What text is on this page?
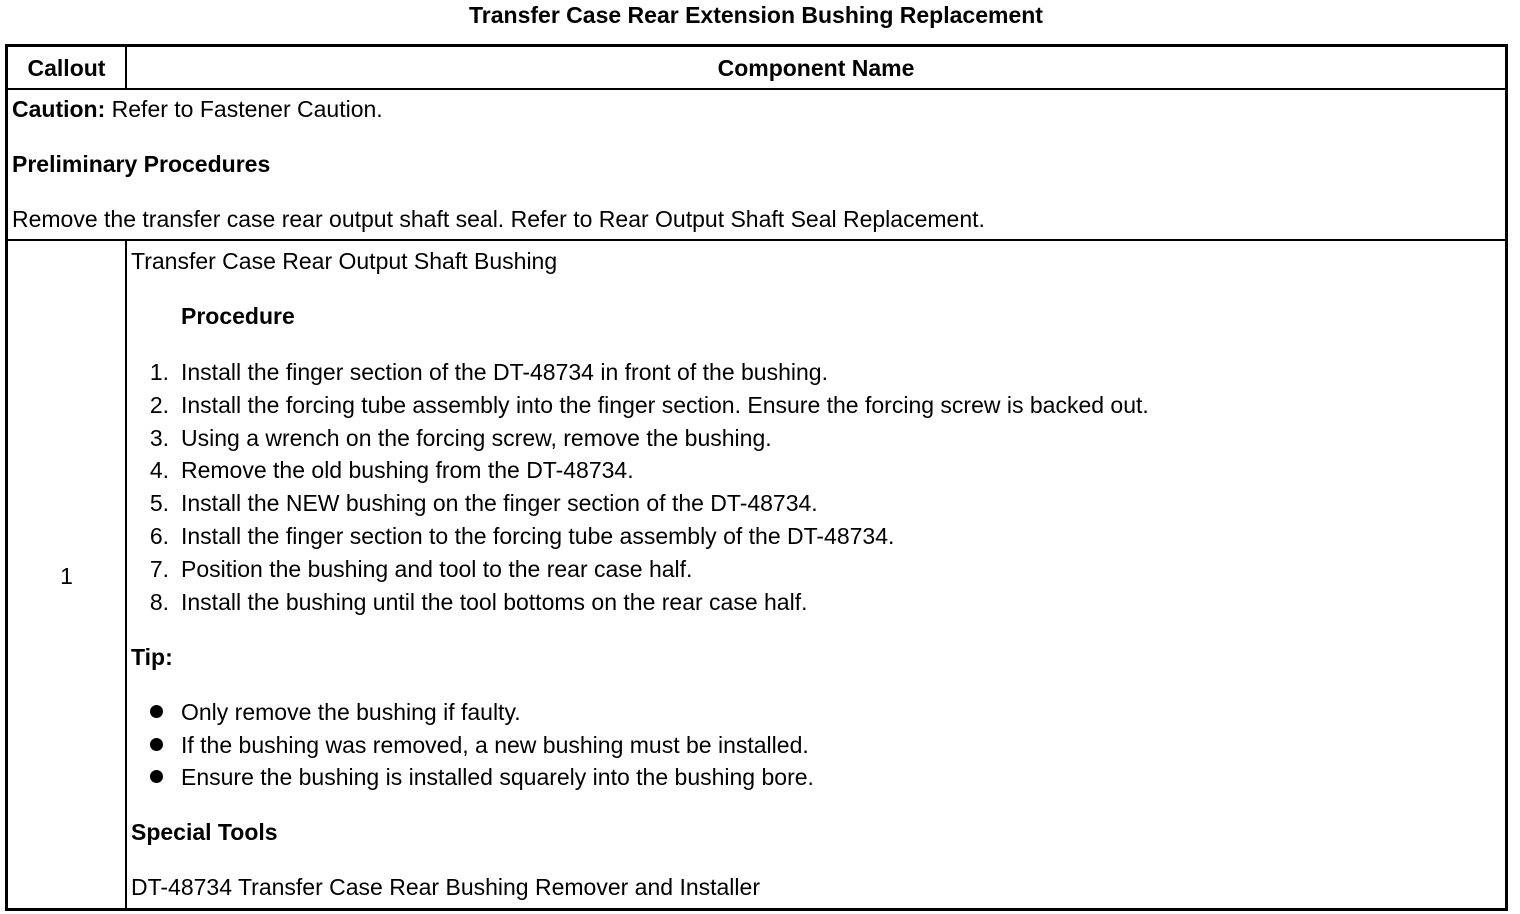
Transfer Case Rear Extension Bushing Replacement
Callout	Component Name
Caution: Refer to Fastener Caution.
Preliminary Procedures
Remove the transfer case rear output shaft seal. Refer to Rear Output Shaft Seal Replacement.
1
Transfer Case Rear Output Shaft Bushing
Procedure
1. Install the finger section of the DT-48734 in front of the bushing.
2. Install the forcing tube assembly into the finger section. Ensure the forcing screw is backed out.
3. Using a wrench on the forcing screw, remove the bushing.
4. Remove the old bushing from the DT-48734.
5. Install the NEW bushing on the finger section of the DT-48734.
6. Install the finger section to the forcing tube assembly of the DT-48734.
7. Position the bushing and tool to the rear case half.
8. Install the bushing until the tool bottoms on the rear case half.
Tip:
Only remove the bushing if faulty.
If the bushing was removed, a new bushing must be installed.
Ensure the bushing is installed squarely into the bushing bore.
Special Tools
DT-48734 Transfer Case Rear Bushing Remover and Installer
